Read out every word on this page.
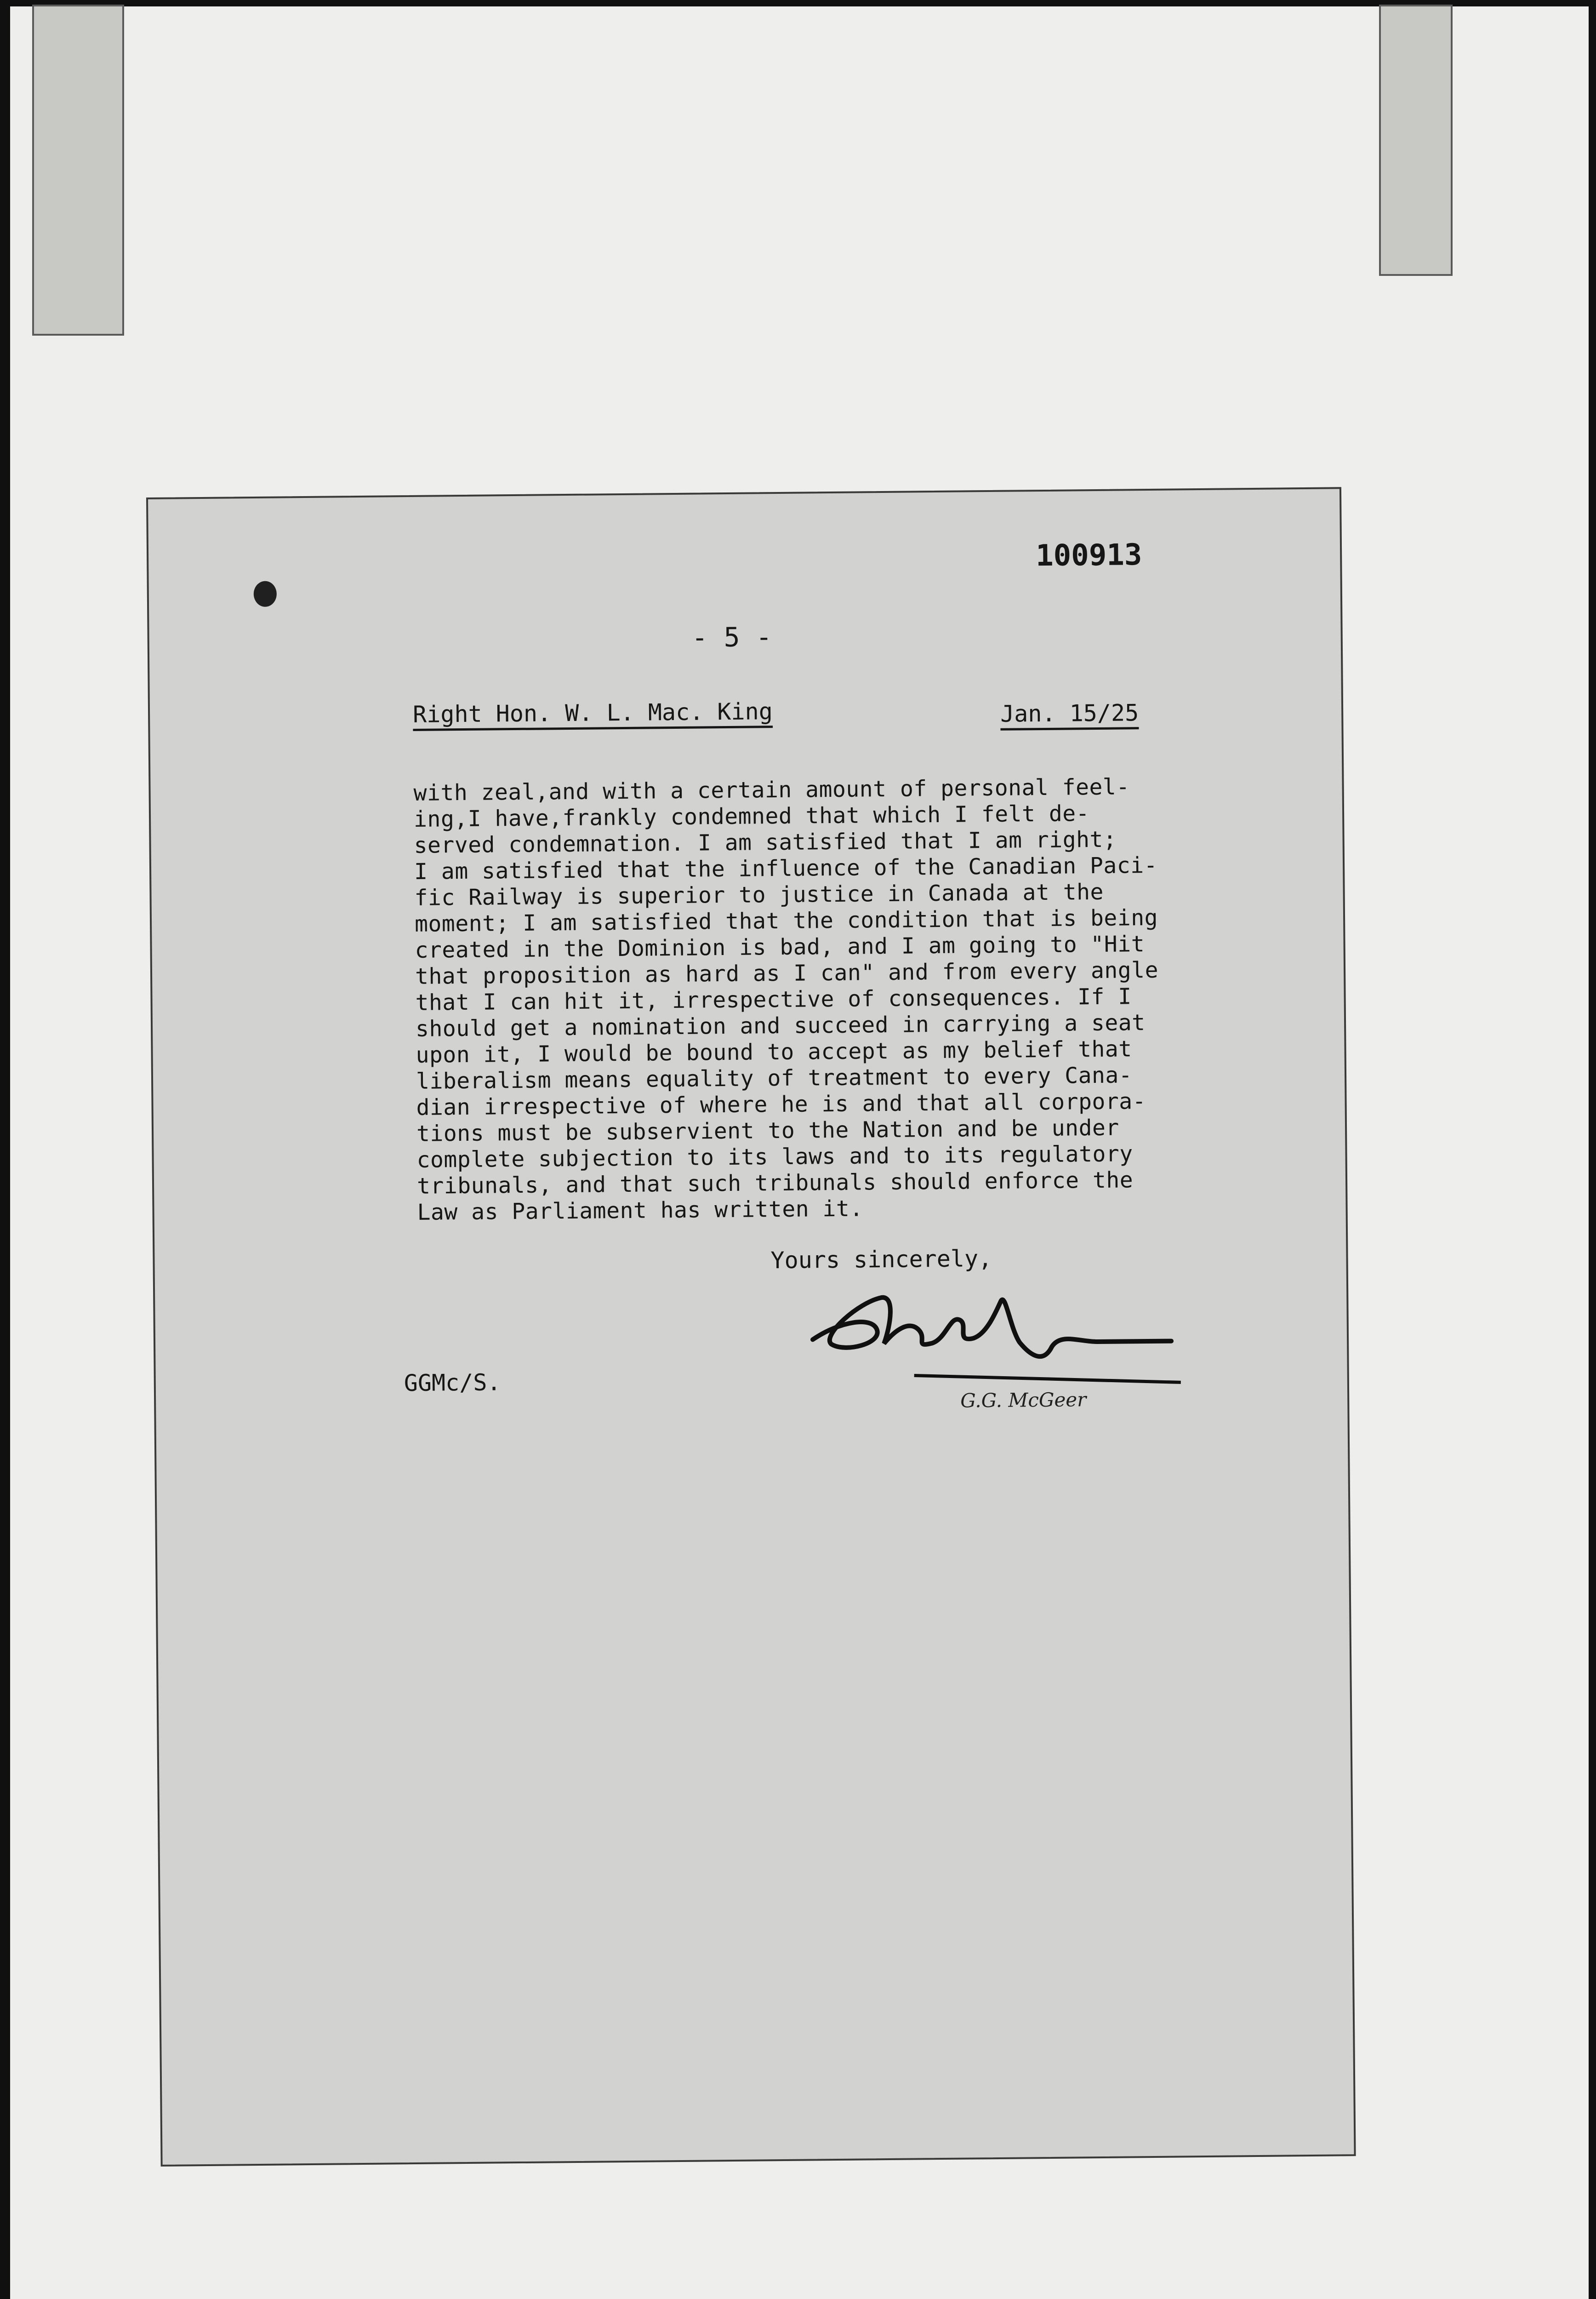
100913
- 5 -
Right Hon. W. L. Mac. King	Jan. 15/25
with zeal,and with a certain amount of personal feel-
ing,I have,frankly condemned that which I felt de-
served condemnation. I am satisfied that I am right;
I am satisfied that the influence of the Canadian Paci-
fic Railway is superior to justice in Canada at the
moment; I am satisfied that the condition that is being
created in the Dominion is bad, and I am going to "Hit
that proposition as hard as I can" and from every angle
that I can hit it, irrespective of consequences. If I
should get a nomination and succeed in carrying a seat
upon it, I would be bound to accept as my belief that
liberalism means equality of treatment to every Cana-
dian irrespective of where he is and that all corpora-
tions must be subservient to the Nation and be under
complete subjection to its laws and to its regulatory
tribunals, and that such tribunals should enforce the
Law as Parliament has written it.
Yours sincerely,
G.G. McGeer
GGMc/S.
